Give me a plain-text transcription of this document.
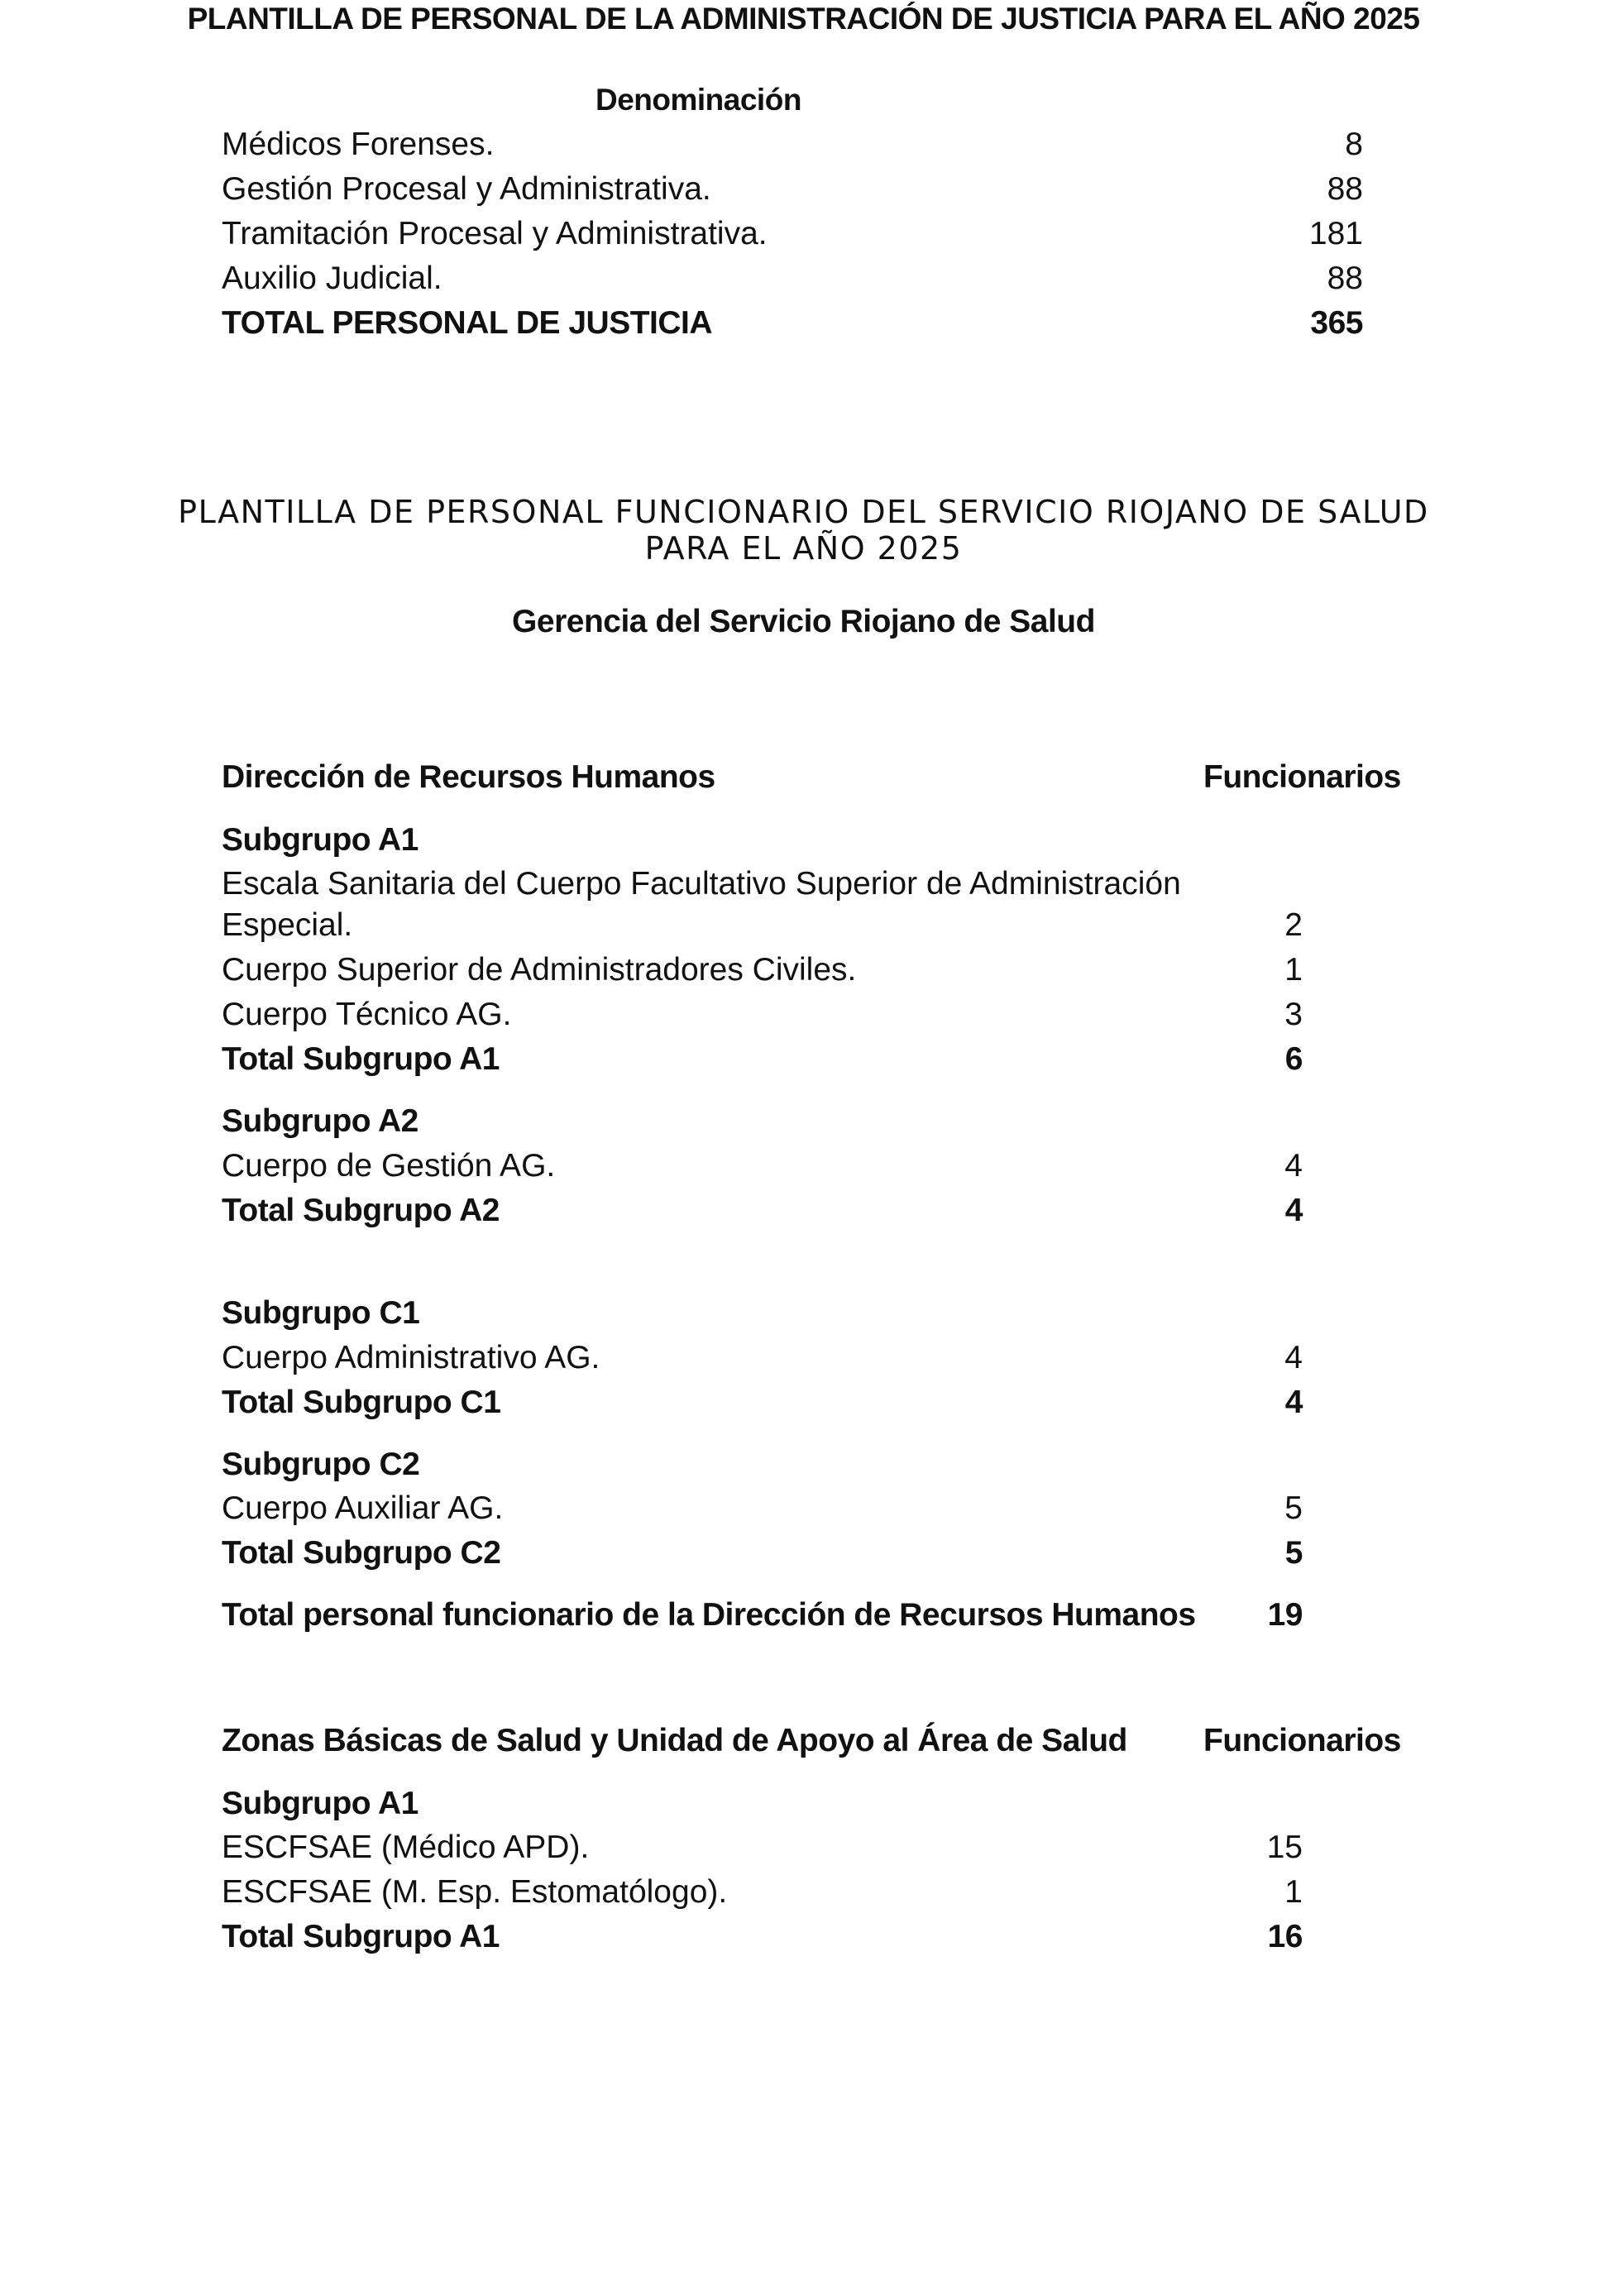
PLANTILLA DE PERSONAL DE LA ADMINISTRACIÓN DE JUSTICIA PARA EL AÑO 2025
Denominación
Médicos Forenses.	8
Gestión Procesal y Administrativa.	88
Tramitación Procesal y Administrativa.	181
Auxilio Judicial.	88
TOTAL PERSONAL DE JUSTICIA	365
PLANTILLA DE PERSONAL FUNCIONARIO DEL SERVICIO RIOJANO DE SALUD
PARA EL AÑO 2025
Gerencia del Servicio Riojano de Salud
Dirección de Recursos Humanos	Funcionarios
Subgrupo A1
Escala Sanitaria del Cuerpo Facultativo Superior de Administración
Especial.	2
Cuerpo Superior de Administradores Civiles.	1
Cuerpo Técnico AG.	3
Total Subgrupo A1	6
Subgrupo A2
Cuerpo de Gestión AG.	4
Total Subgrupo A2	4
Subgrupo C1
Cuerpo Administrativo AG.	4
Total Subgrupo C1	4
Subgrupo C2
Cuerpo Auxiliar AG.	5
Total Subgrupo C2	5
Total personal funcionario de la Dirección de Recursos Humanos 19
Zonas Básicas de Salud y Unidad de Apoyo al Área de Salud Funcionarios
Subgrupo A1
ESCFSAE (Médico APD).	15
ESCFSAE (M. Esp. Estomatólogo).	1
Total Subgrupo A1	16
